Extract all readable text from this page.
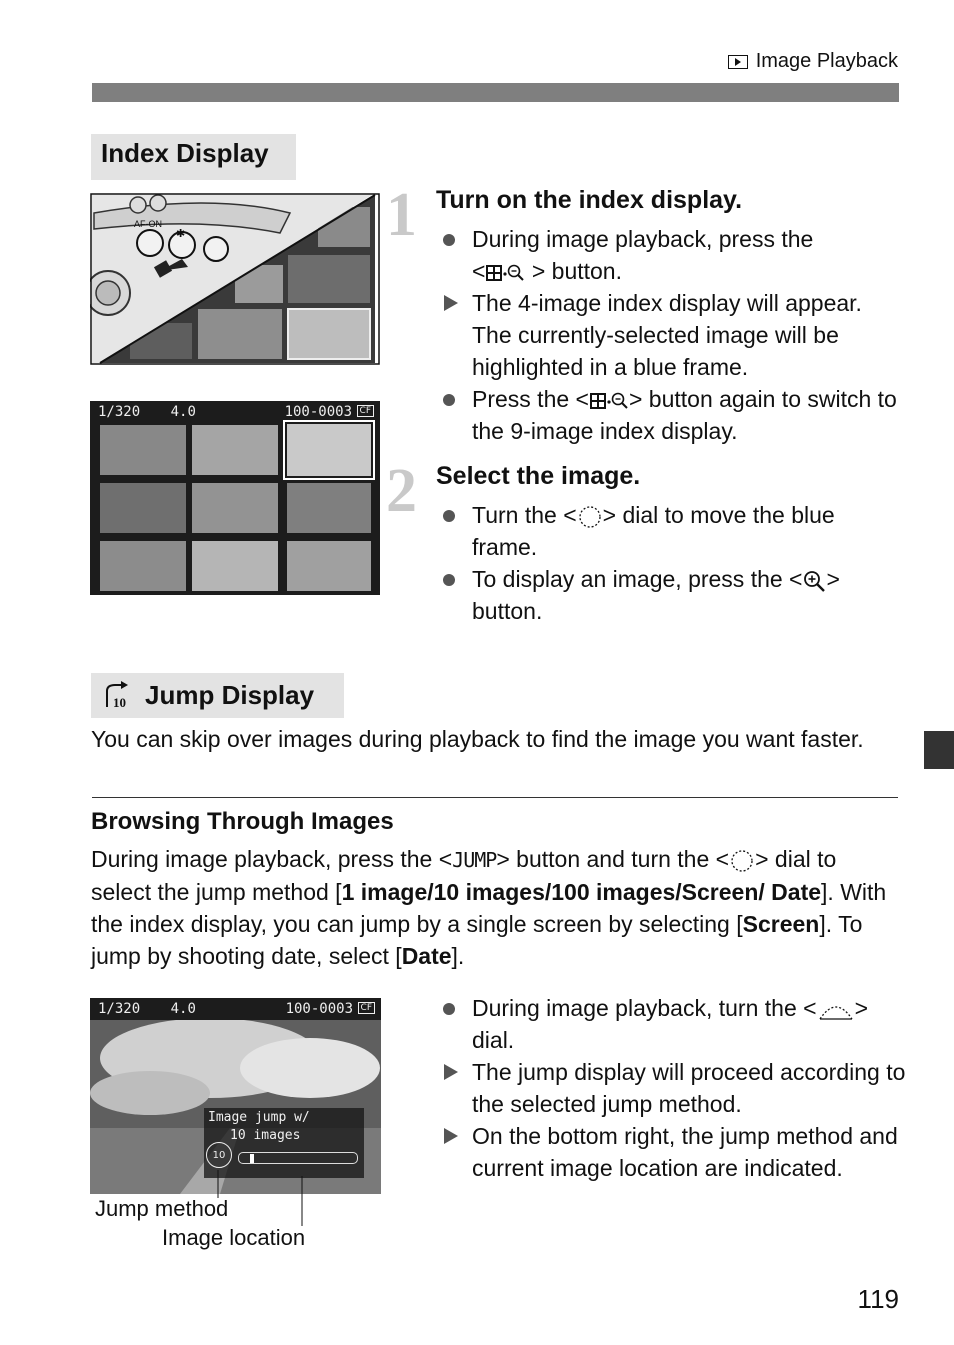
Image Playback
Index Display
AF-ON
✱
1/320 4.0	100-0003 CF
1 Turn on the index display.
During image playback, press the
< > button.
The 4-image index display will appear. The currently-selected image will be highlighted in a blue frame.
Press the < > button again to switch to the 9-image index display.
2 Select the image.
Turn the < > dial to move the blue frame.
To display an image, press the < > button.
10 Jump Display
You can skip over images during playback to find the image you want faster.
Browsing Through Images
During image playback, press the <JUMP> button and turn the < > dial to select the jump method [1 image/10 images/100 images/Screen/ Date]. With the index display, you can jump by a single screen by selecting [Screen]. To jump by shooting date, select [Date].
1/320 4.0	100-0003 CF
Image jump w/
10 images
10
Jump method
Image location
During image playback, turn the < > dial.
The jump display will proceed according to the selected jump method.
On the bottom right, the jump method and current image location are indicated.
119
